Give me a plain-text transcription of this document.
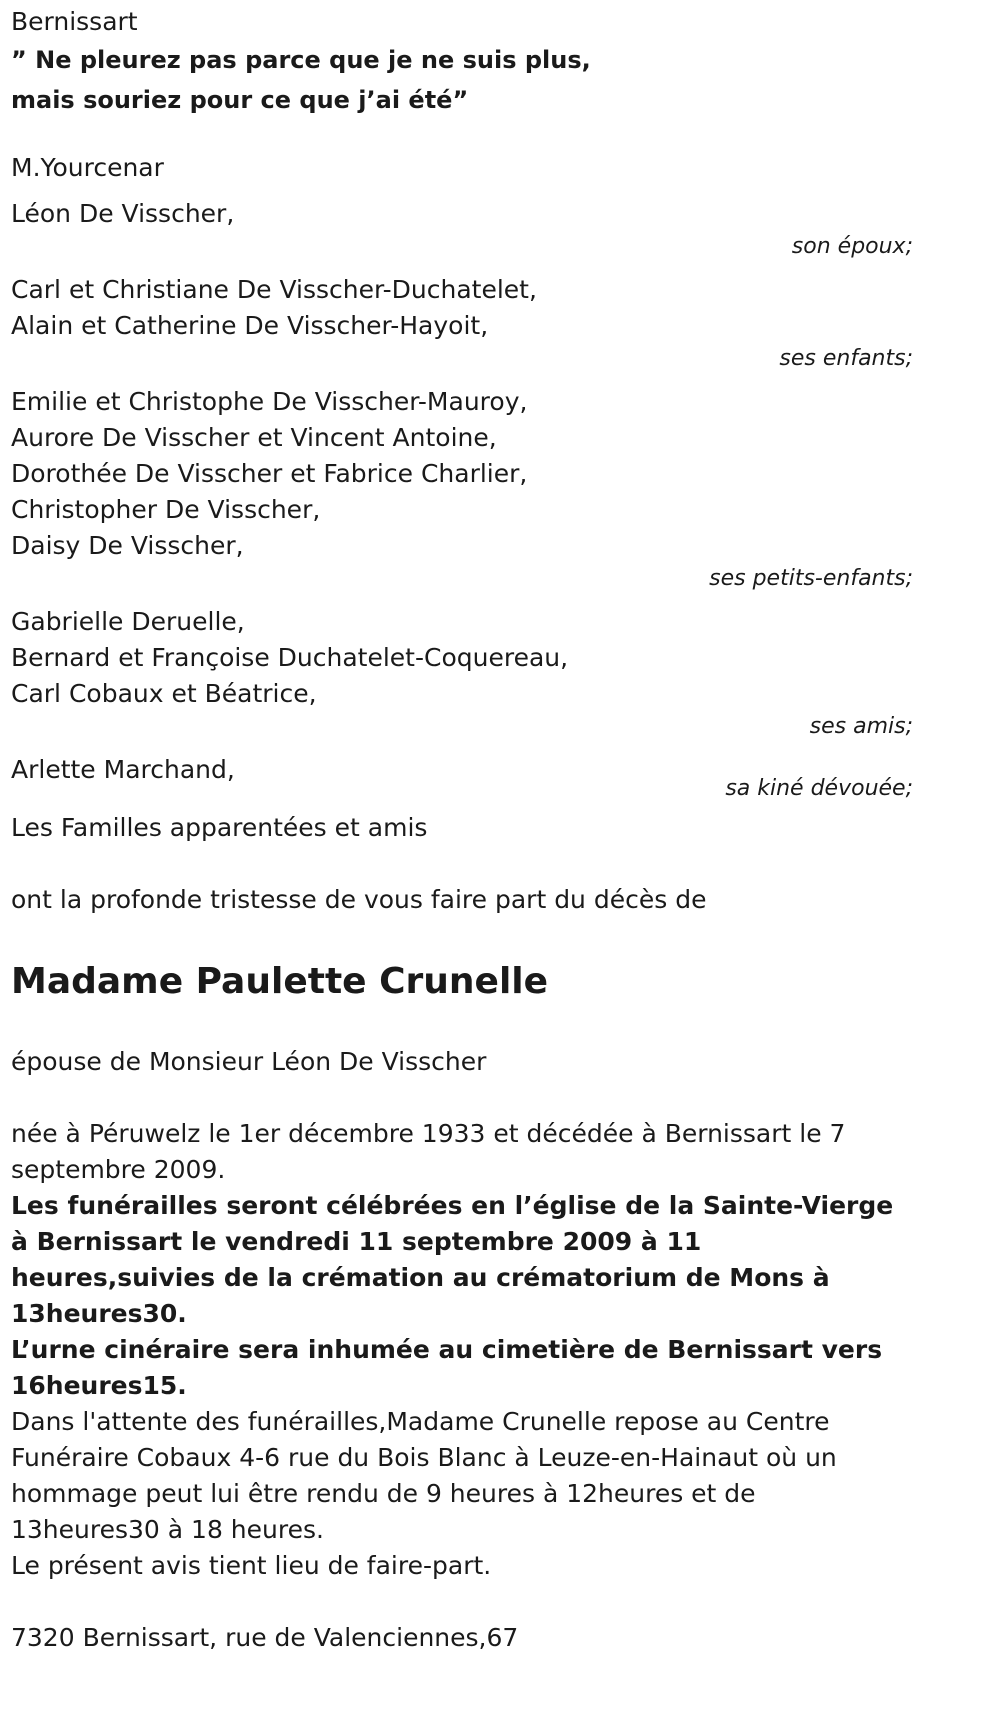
Bernissart
” Ne pleurez pas parce que je ne suis plus,
mais souriez pour ce que j’ai été”
M.Yourcenar
Léon De Visscher,
son époux;
Carl et Christiane De Visscher-Duchatelet,
Alain et Catherine De Visscher-Hayoit,
ses enfants;
Emilie et Christophe De Visscher-Mauroy,
Aurore De Visscher et Vincent Antoine,
Dorothée De Visscher et Fabrice Charlier,
Christopher De Visscher,
Daisy De Visscher,
ses petits-enfants;
Gabrielle Deruelle,
Bernard et Françoise Duchatelet-Coquereau,
Carl Cobaux et Béatrice,
ses amis;
Arlette Marchand,
sa kiné dévouée;
Les Familles apparentées et amis
ont la profonde tristesse de vous faire part du décès de
Madame Paulette Crunelle
épouse de Monsieur Léon De Visscher
née à Péruwelz le 1er décembre 1933 et décédée à Bernissart le 7 septembre 2009.
Les funérailles seront célébrées en l’église de la Sainte-Vierge à Bernissart le vendredi 11 septembre 2009 à 11 heures,suivies de la crémation au crématorium de Mons à 13heures30.
L’urne cinéraire sera inhumée au cimetière de Bernissart vers 16heures15.
Dans l'attente des funérailles,Madame Crunelle repose au Centre Funéraire Cobaux 4-6 rue du Bois Blanc à Leuze-en-Hainaut où un hommage peut lui être rendu de 9 heures à 12heures et de 13heures30 à 18 heures.
Le présent avis tient lieu de faire-part.
7320 Bernissart, rue de Valenciennes,67
